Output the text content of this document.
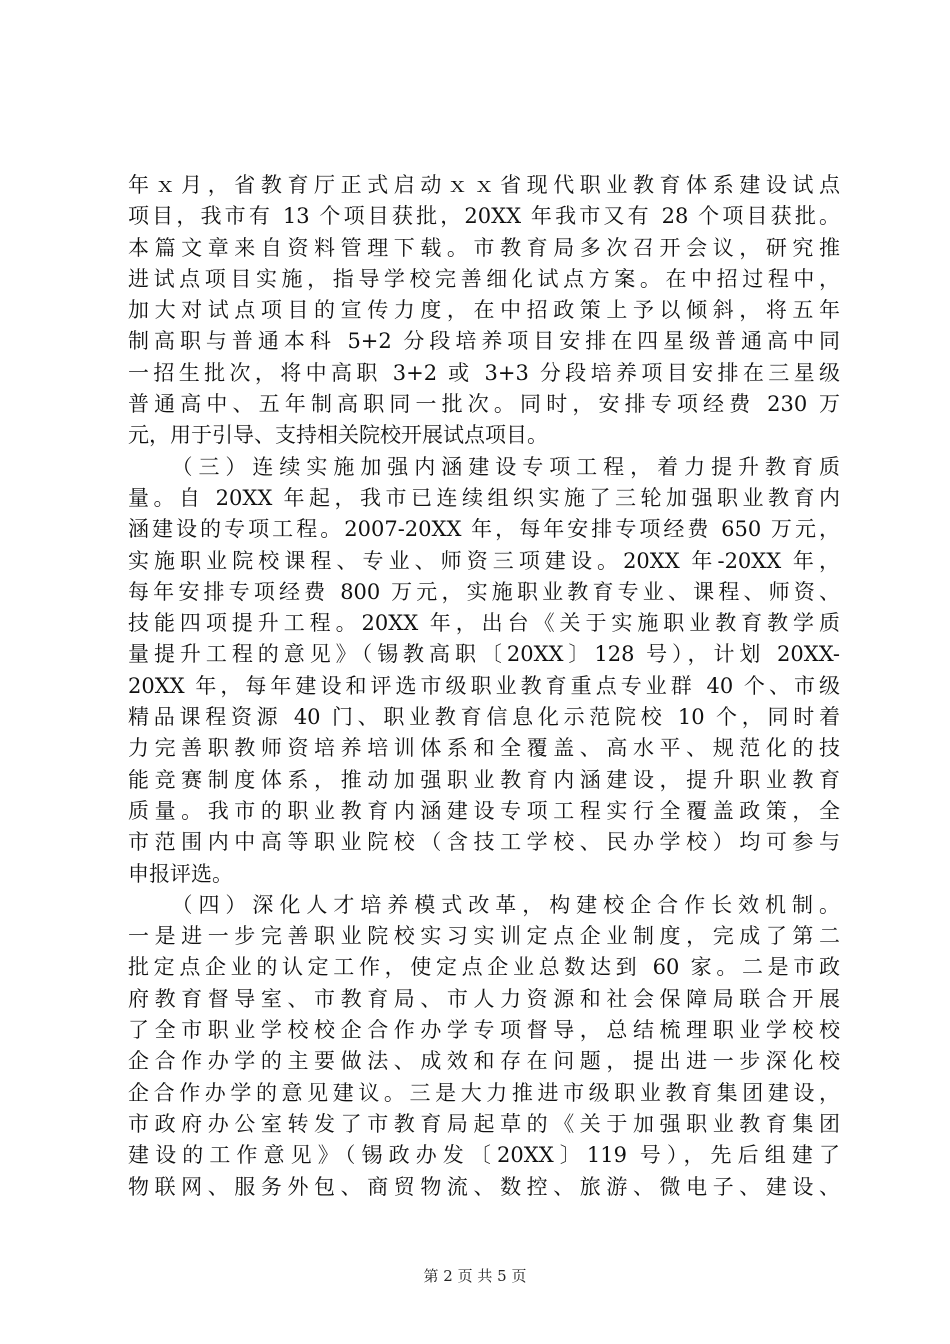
年ｘ月，省教育厅正式启动ｘｘ省现代职业教育体系建设试点
项目，我市有 13 个项目获批，20XX 年我市又有 28 个项目获批。
本篇文章来自资料管理下载。市教育局多次召开会议，研究推
进试点项目实施，指导学校完善细化试点方案。在中招过程中，
加大对试点项目的宣传力度，在中招政策上予以倾斜，将五年
制高职与普通本科 5+2 分段培养项目安排在四星级普通高中同
一招生批次，将中高职 3+2 或 3+3 分段培养项目安排在三星级
普通高中、五年制高职同一批次。同时，安排专项经费 230 万
元，用于引导、支持相关院校开展试点项目。
　　（三）连续实施加强内涵建设专项工程，着力提升教育质
量。自 20XX 年起，我市已连续组织实施了三轮加强职业教育内
涵建设的专项工程。2007-20XX 年，每年安排专项经费 650 万元，
实施职业院校课程、专业、师资三项建设。20XX 年-20XX 年，
每年安排专项经费 800 万元，实施职业教育专业、课程、师资、
技能四项提升工程。20XX 年，出台《关于实施职业教育教学质
量提升工程的意见》（锡教高职〔20XX〕128 号），计划 20XX-
20XX 年，每年建设和评选市级职业教育重点专业群 40 个、市级
精品课程资源 40 门、职业教育信息化示范院校 10 个，同时着
力完善职教师资培养培训体系和全覆盖、高水平、规范化的技
能竞赛制度体系，推动加强职业教育内涵建设，提升职业教育
质量。我市的职业教育内涵建设专项工程实行全覆盖政策，全
市范围内中高等职业院校（含技工学校、民办学校）均可参与
申报评选。
　　（四）深化人才培养模式改革，构建校企合作长效机制。
一是进一步完善职业院校实习实训定点企业制度，完成了第二
批定点企业的认定工作，使定点企业总数达到 60 家。二是市政
府教育督导室、市教育局、市人力资源和社会保障局联合开展
了全市职业学校校企合作办学专项督导，总结梳理职业学校校
企合作办学的主要做法、成效和存在问题，提出进一步深化校
企合作办学的意见建议。三是大力推进市级职业教育集团建设，
市政府办公室转发了市教育局起草的《关于加强职业教育集团
建设的工作意见》（锡政办发〔20XX〕119 号），先后组建了
物联网、服务外包、商贸物流、数控、旅游、微电子、建设、
第 2 页 共 5 页
